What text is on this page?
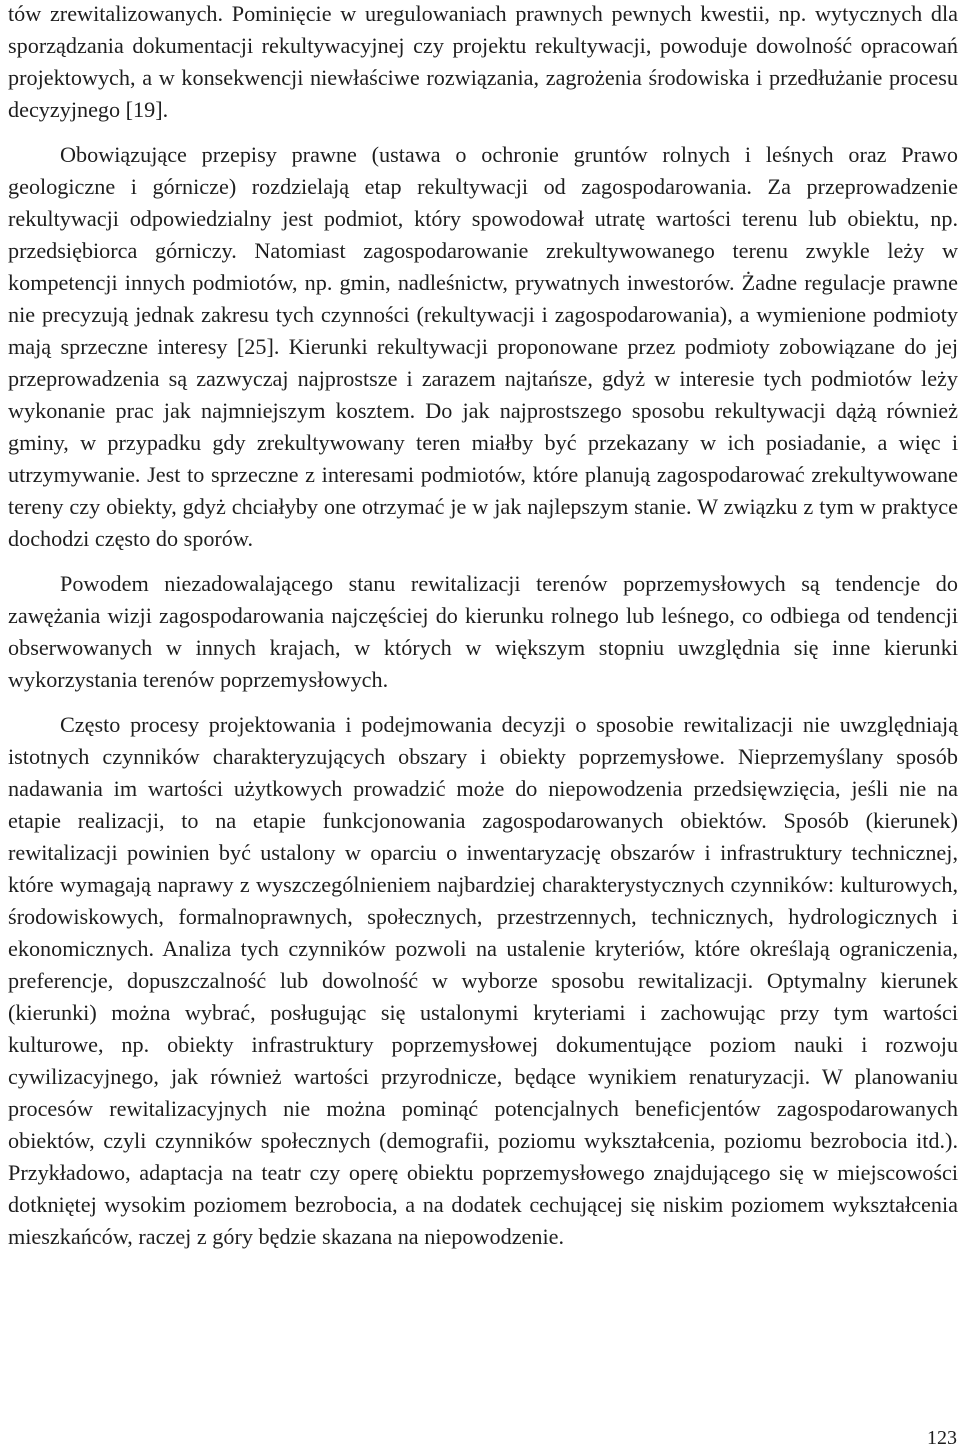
tów zrewitalizowanych. Pominięcie w uregulowaniach prawnych pewnych kwestii, np. wytycznych dla sporządzania dokumentacji rekultywacyjnej czy projektu rekultywacji, powoduje dowolność opracowań projektowych, a w konsekwencji niewłaściwe rozwiązania, zagrożenia środowiska i przedłużanie procesu decyzyjnego [19].

Obowiązujące przepisy prawne (ustawa o ochronie gruntów rolnych i leśnych oraz Prawo geologiczne i górnicze) rozdzielają etap rekultywacji od zagospodarowania. Za przeprowadzenie rekultywacji odpowiedzialny jest podmiot, który spowodował utratę wartości terenu lub obiektu, np. przedsiębiorca górniczy. Natomiast zagospodarowanie zrekultywowanego terenu zwykle leży w kompetencji innych podmiotów, np. gmin, nadleśnictw, prywatnych inwestorów. Żadne regulacje prawne nie precyzują jednak zakresu tych czynności (rekultywacji i zagospodarowania), a wymienione podmioty mają sprzeczne interesy [25]. Kierunki rekultywacji proponowane przez podmioty zobowiązane do jej przeprowadzenia są zazwyczaj najprostsze i zarazem najtańsze, gdyż w interesie tych podmiotów leży wykonanie prac jak najmniejszym kosztem. Do jak najprostszego sposobu rekultywacji dążą również gminy, w przypadku gdy zrekultywowany teren miałby być przekazany w ich posiadanie, a więc i utrzymywanie. Jest to sprzeczne z interesami podmiotów, które planują zagospodarować zrekultywowane tereny czy obiekty, gdyż chciałyby one otrzymać je w jak najlepszym stanie. W związku z tym w praktyce dochodzi często do sporów.

Powodem niezadowalającego stanu rewitalizacji terenów poprzemysłowych są tendencje do zawężania wizji zagospodarowania najczęściej do kierunku rolnego lub leśnego, co odbiega od tendencji obserwowanych w innych krajach, w których w większym stopniu uwzględnia się inne kierunki wykorzystania terenów poprzemysłowych.

Często procesy projektowania i podejmowania decyzji o sposobie rewitalizacji nie uwzględniają istotnych czynników charakteryzujących obszary i obiekty poprzemysłowe. Nieprzemyślany sposób nadawania im wartości użytkowych prowadzić może do niepowodzenia przedsięwzięcia, jeśli nie na etapie realizacji, to na etapie funkcjonowania zagospodarowanych obiektów. Sposób (kierunek) rewitalizacji powinien być ustalony w oparciu o inwentaryzację obszarów i infrastruktury technicznej, które wymagają naprawy z wyszczególnieniem najbardziej charakterystycznych czynników: kulturowych, środowiskowych, formalnoprawnych, społecznych, przestrzennych, technicznych, hydrologicznych i ekonomicznych. Analiza tych czynników pozwoli na ustalenie kryteriów, które określają ograniczenia, preferencje, dopuszczalność lub dowolność w wyborze sposobu rewitalizacji. Optymalny kierunek (kierunki) można wybrać, posługując się ustalonymi kryteriami i zachowując przy tym wartości kulturowe, np. obiekty infrastruktury poprzemysłowej dokumentujące poziom nauki i rozwoju cywilizacyjnego, jak również wartości przyrodnicze, będące wynikiem renaturyzacji. W planowaniu procesów rewitalizacyjnych nie można pominąć potencjalnych beneficjentów zagospodarowanych obiektów, czyli czynników społecznych (demografii, poziomu wykształcenia, poziomu bezrobocia itd.). Przykładowo, adaptacja na teatr czy operę obiektu poprzemysłowego znajdującego się w miejscowości dotkniętej wysokim poziomem bezrobocia, a na dodatek cechującej się niskim poziomem wykształcenia mieszkańców, raczej z góry będzie skazana na niepowodzenie.

123
